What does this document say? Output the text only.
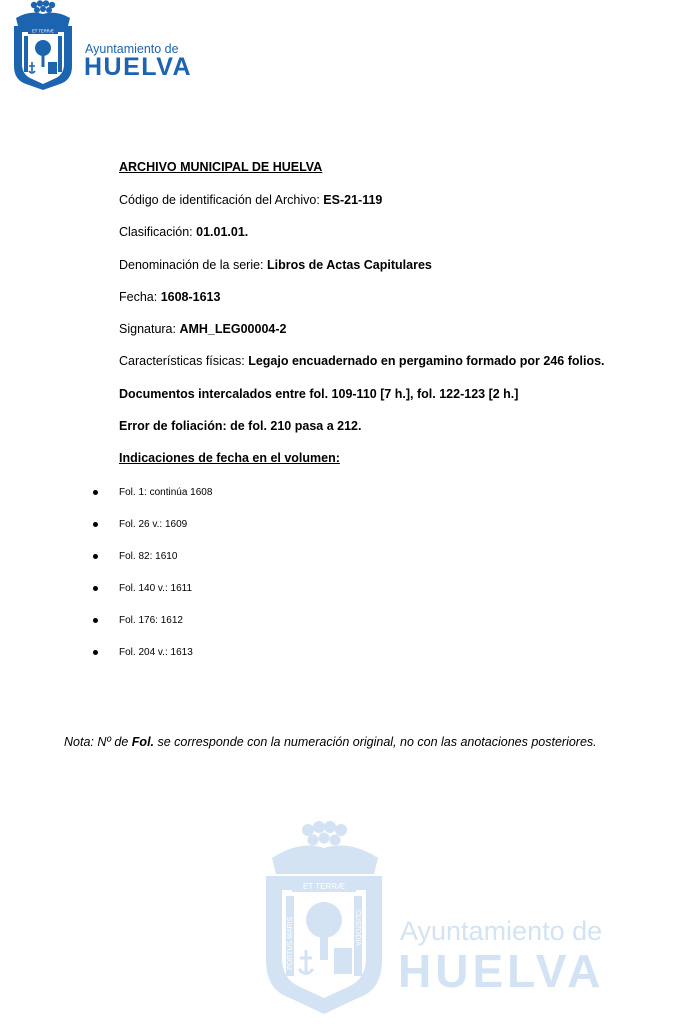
ET TERRÆ
Ayuntamiento de
HUELVA
ARCHIVO MUNICIPAL DE HUELVA
Código de identificación del Archivo: ES-21-119
Clasificación: 01.01.01.
Denominación de la serie: Libros de Actas Capitulares
Fecha: 1608-1613
Signatura: AMH_LEG00004-2
Características físicas: Legajo encuadernado en pergamino formado por 246 folios.
Documentos intercalados entre fol. 109-110 [7 h.], fol. 122-123 [2 h.]
Error de foliación: de fol. 210 pasa a 212.
Indicaciones de fecha en el volumen:
Fol. 1: continúa 1608
Fol. 26 v.: 1609
Fol. 82: 1610
Fol. 140 v.: 1611
Fol. 176: 1612
Fol. 204 v.: 1613
Nota: Nº de Fol. se corresponde con la numeración original, no con las anotaciones posteriores.
ET TERRÆ
PORTUS MARIS	CUSTODIA Ayuntamiento de
HUELVA
